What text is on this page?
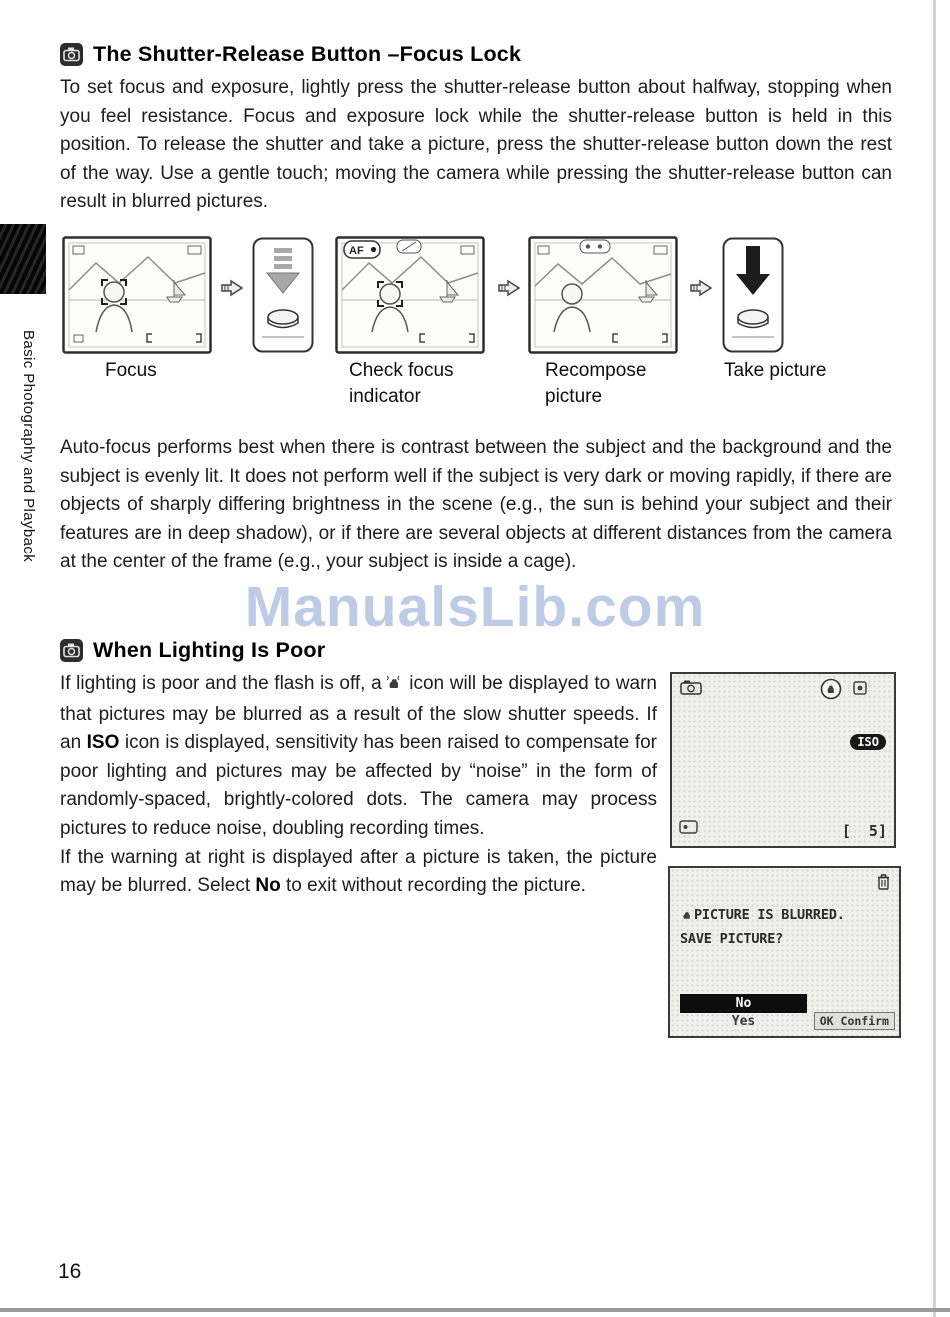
Basic Photography and Playback
The Shutter-Release Button –Focus Lock

To set focus and exposure, lightly press the shutter-release button about halfway, stopping when you feel resistance. Focus and exposure lock while the shutter-release button is held in this position. To release the shutter and take a picture, press the shutter-release button down the rest of the way. Use a gentle touch; moving the camera while pressing the shutter-release button can result in blurred pictures.

AF
Focus	Check focus indicator
Recompose picture
Take picture

Auto-focus performs best when there is contrast between the subject and the background and the subject is evenly lit. It does not perform well if the subject is very dark or moving rapidly, if there are objects of sharply differing brightness in the scene (e.g., the sun is behind your subject and their features are in deep shadow), or if there are several objects at different distances from the camera at the center of the frame (e.g., your subject is inside a cage).

ManualsLib.com
When Lighting Is Poor

If lighting is poor and the flash is off, a icon will be displayed to warn that pictures may be blurred as a result of the slow shutter speeds. If an ISO icon is displayed, sensitivity has been raised to compensate for poor lighting and pictures may be affected by “noise” in the form of randomly-spaced, brightly-colored dots. The camera may process pictures to reduce noise, doubling recording times.

If the warning at right is displayed after a picture is taken, the picture may be blurred. Select No to exit without recording the picture.

ISO
[  5]
PICTURE IS BLURRED.
SAVE PICTURE?
No
Yes	OK Confirm
16
